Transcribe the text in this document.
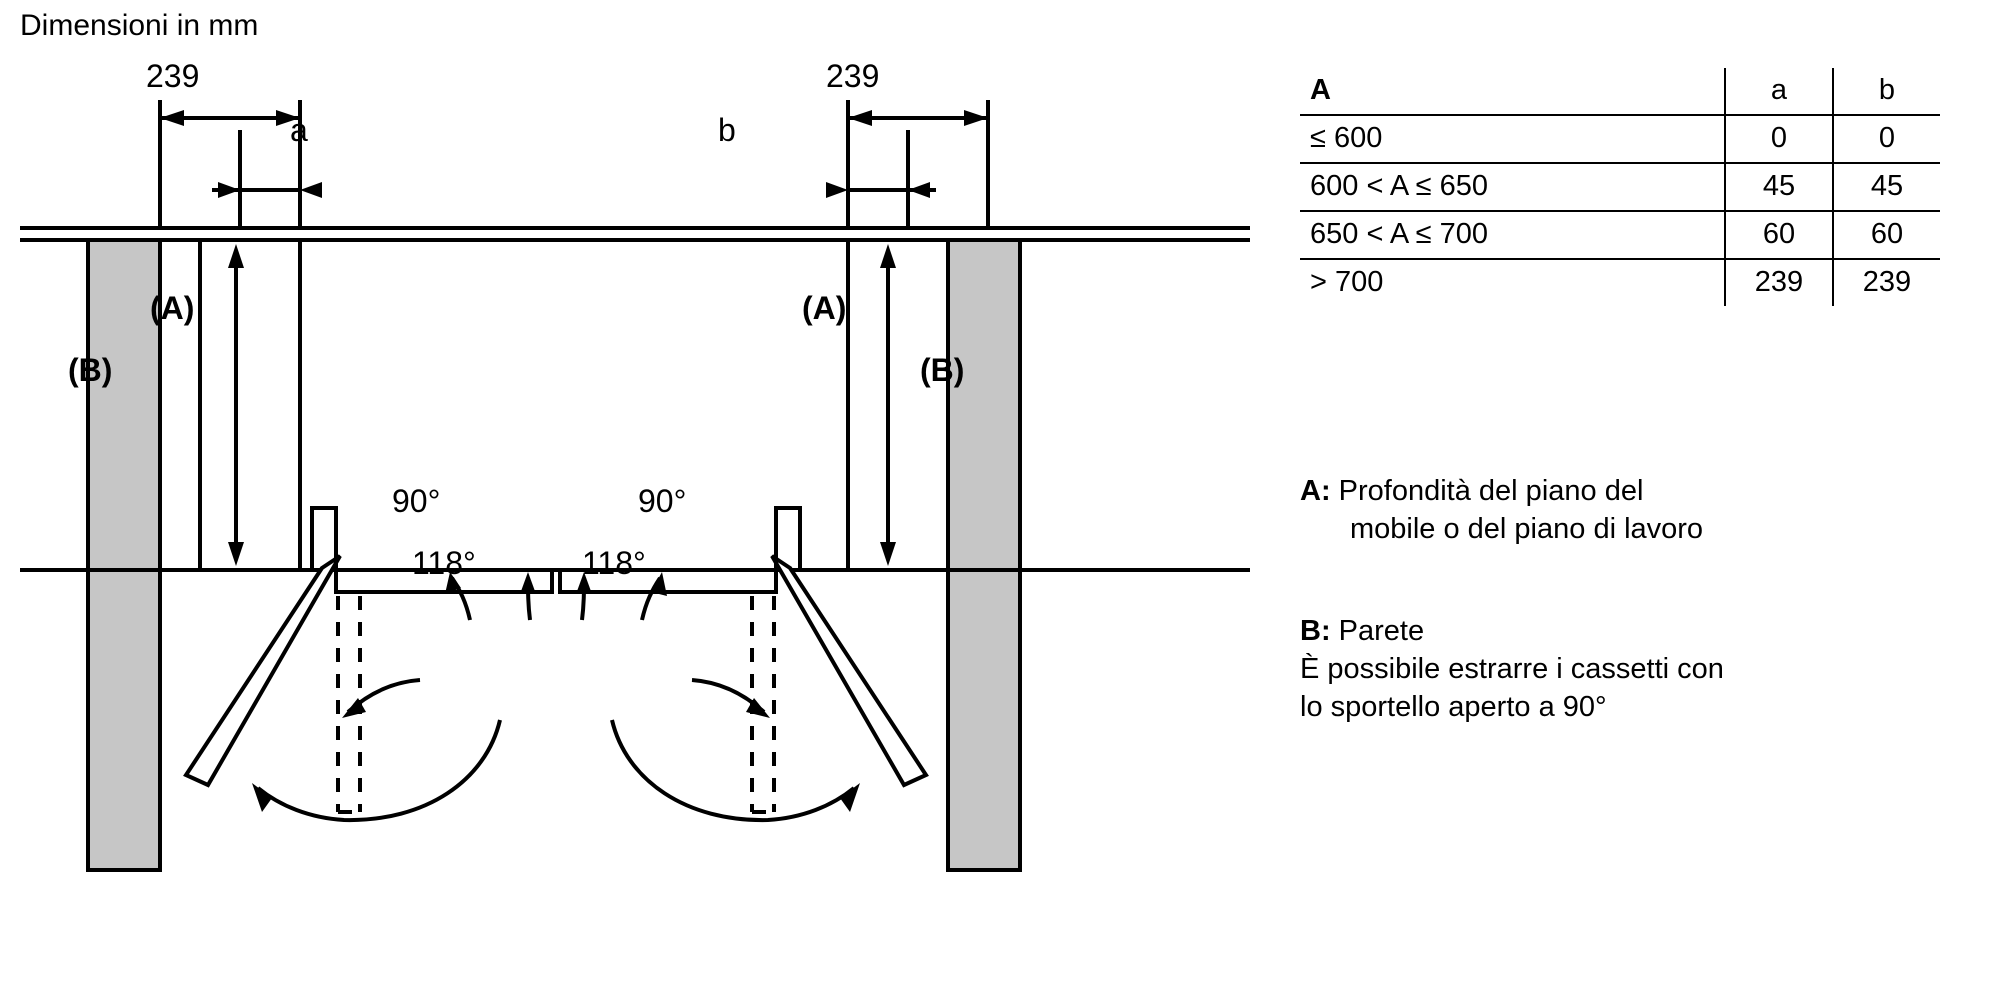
Dimensioni in mm
239	239
a	b
(A)	(A)
(B)	(B)
90°	90°
118°	118°
A	a	b
≤ 600	0	0
600 < A ≤ 650	45	45
650 < A ≤ 700	60	60
> 700	239	239
A: Profondità del piano del
mobile o del piano di lavoro
B: Parete
È possibile estrarre i cassetti con
lo sportello aperto a 90°
